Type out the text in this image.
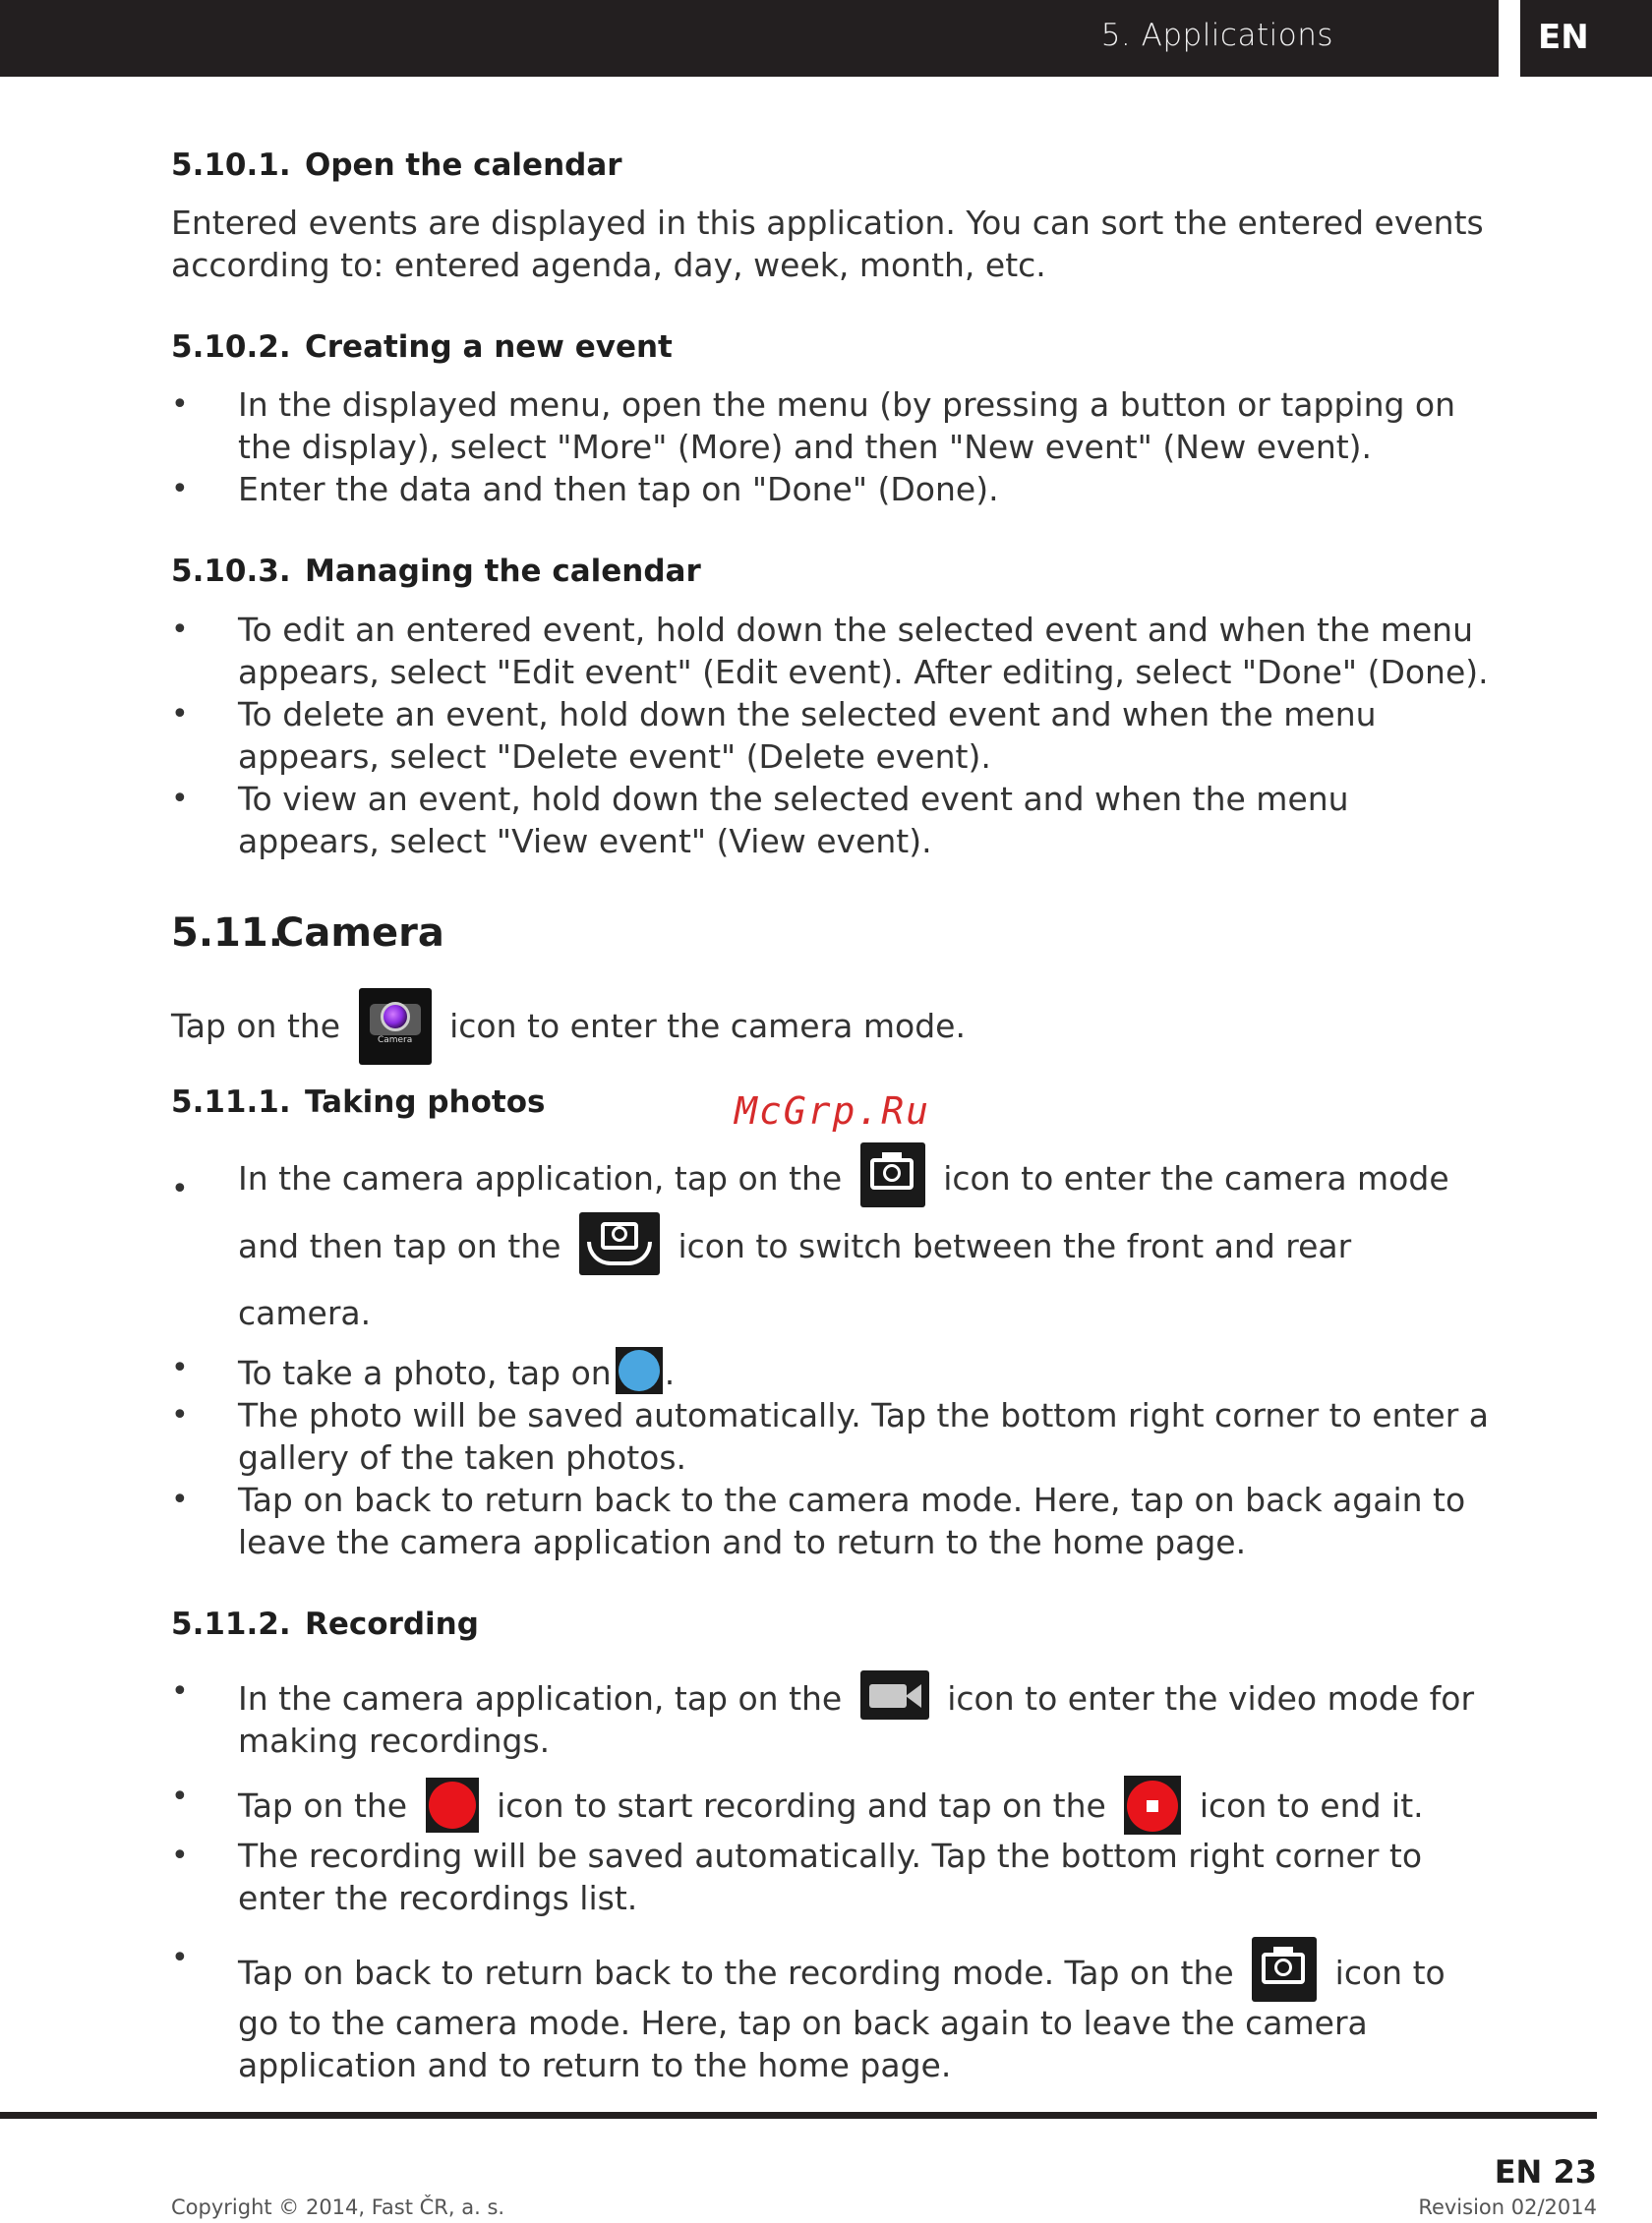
5. Applications	EN
5.10.1. Open the calendar

Entered events are displayed in this application. You can sort the entered events according to: entered agenda, day, week, month, etc.

5.10.2. Creating a new event
• In the displayed menu, open the menu (by pressing a button or tapping on the display), select "More" (More) and then "New event" (New event).
• Enter the data and then tap on "Done" (Done).
5.10.3. Managing the calendar
• To edit an entered event, hold down the selected event and when the menu appears, select "Edit event" (Edit event). After editing, select "Done" (Done).
• To delete an event, hold down the selected event and when the menu appears, select "Delete event" (Delete event).
• To view an event, hold down the selected event and when the menu appears, select "View event" (View event).
5.11.
Camera

Tap on the	Camera	icon to enter the camera mode.

5.11.1. Taking photos
• In the camera application, tap on the	icon to enter the camera mode and then tap on the	icon to switch between the front and rear camera.
• To take a photo, tap on .
• The photo will be saved automatically. Tap the bottom right corner to enter a gallery of the taken photos.
• Tap on back to return back to the camera mode. Here, tap on back again to leave the camera application and to return to the home page.
5.11.2. Recording
• In the camera application, tap on the	icon to enter the video mode for making recordings.
• Tap on the	icon to start recording and tap on the	icon to end it.
• The recording will be saved automatically. Tap the bottom right corner to enter the recordings list.
• Tap on back to return back to the recording mode. Tap on the	icon to go to the camera mode. Here, tap on back again to leave the camera application and to return to the home page.
McGrp.Ru
EN 23
Copyright © 2014, Fast ČR, a. s.	Revision 02/2014
